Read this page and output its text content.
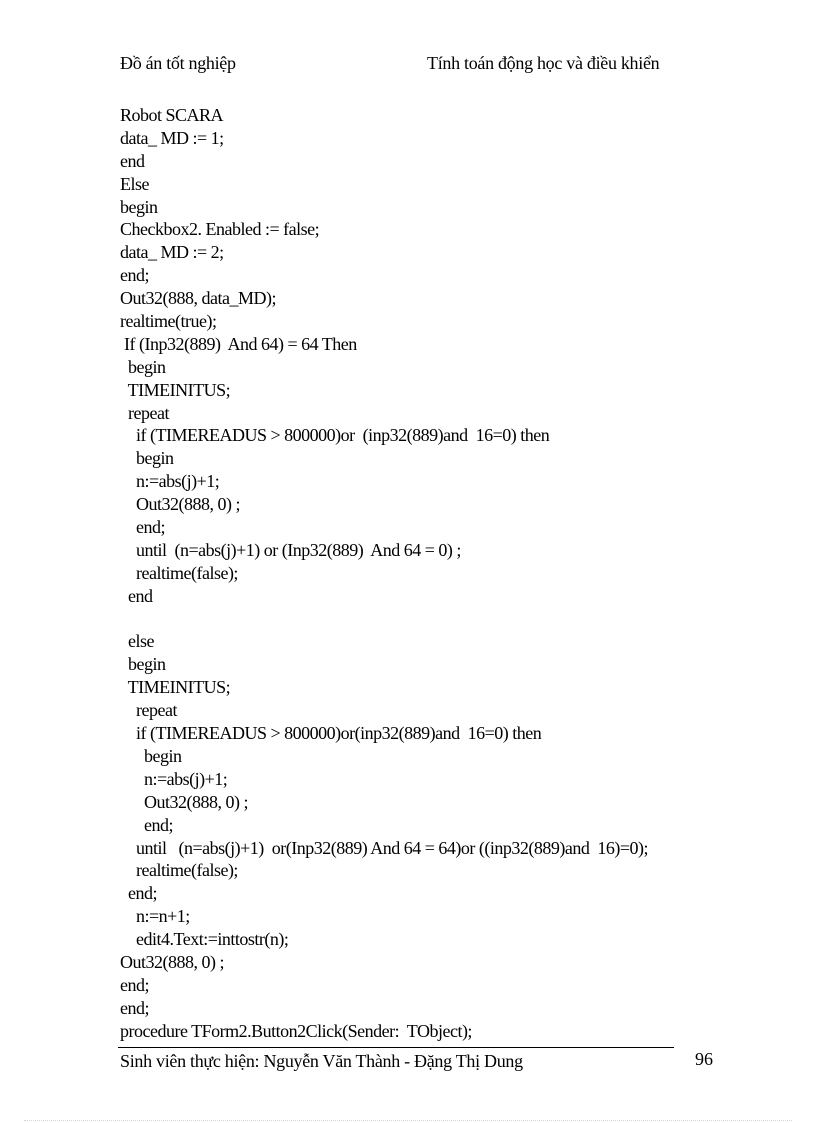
Đồ án tốt nghiệp	Tính toán động học và điều khiển
Robot SCARA
data_ MD := 1;
end
Else
begin
Checkbox2. Enabled := false;
data_ MD := 2;
end;
Out32(888, data_MD);
realtime(true);
If (Inp32(889)  And 64) = 64 Then
begin
TIMEINITUS;
repeat
if (TIMEREADUS > 800000)or  (inp32(889)and  16=0) then
begin
n:=abs(j)+1;
Out32(888, 0) ;
end;
until  (n=abs(j)+1) or (Inp32(889)  And 64 = 0) ;
realtime(false);
end
else
begin
TIMEINITUS;
repeat
if (TIMEREADUS > 800000)or(inp32(889)and  16=0) then
begin
n:=abs(j)+1;
Out32(888, 0) ;
end;
until   (n=abs(j)+1)  or(Inp32(889) And 64 = 64)or ((inp32(889)and  16)=0);
realtime(false);
end;
n:=n+1;
edit4.Text:=inttostr(n);
Out32(888, 0) ;
end;
end;
procedure TForm2.Button2Click(Sender:  TObject);
Sinh viên thực hiện: Nguyễn Văn Thành - Đặng Thị Dung	96
